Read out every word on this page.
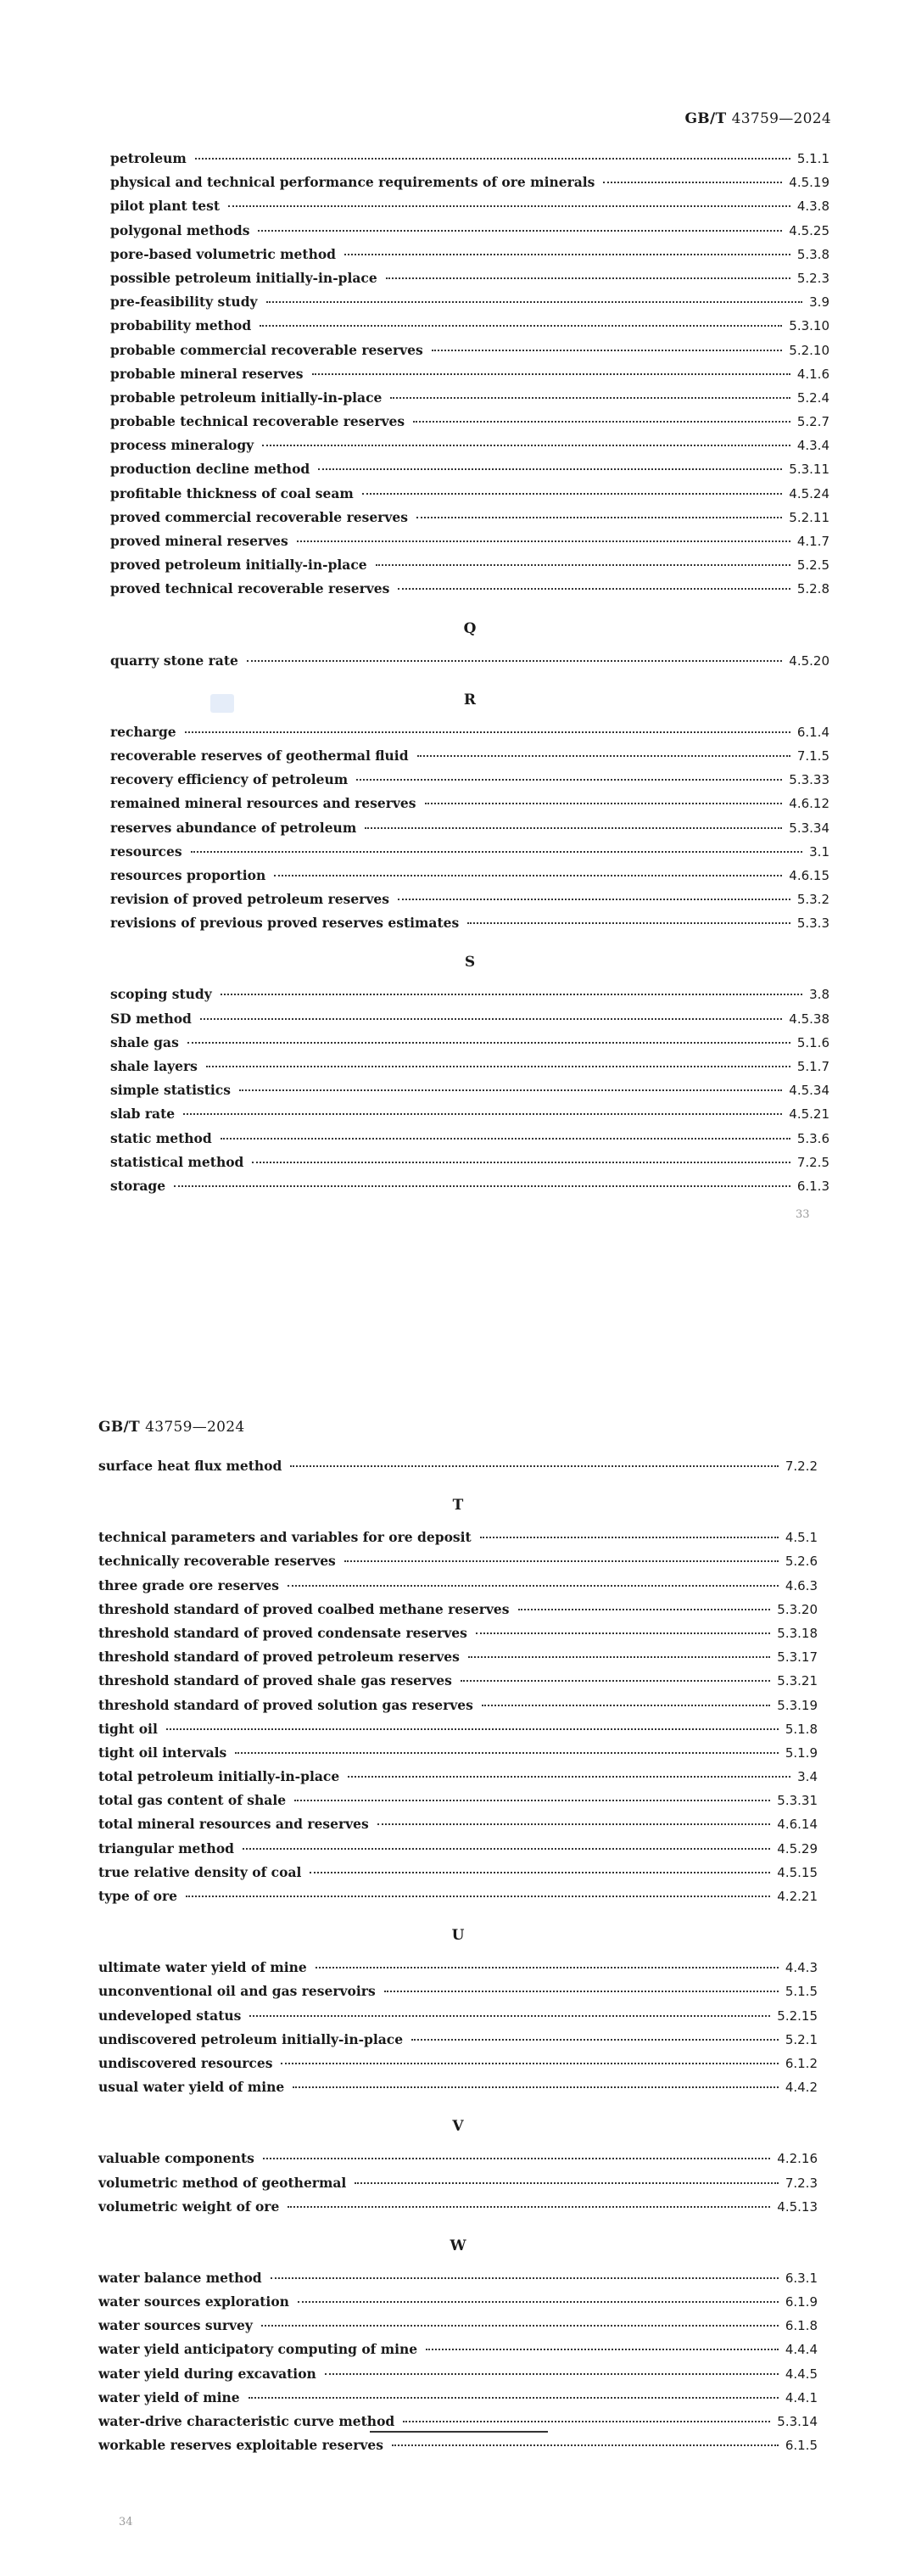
GB/T 43759—2024
petroleum	5.1.1
physical and technical performance requirements of ore minerals	4.5.19
pilot plant test	4.3.8
polygonal methods	4.5.25
pore-based volumetric method	5.3.8
possible petroleum initially-in-place	5.2.3
pre-feasibility study	3.9
probability method	5.3.10
probable commercial recoverable reserves	5.2.10
probable mineral reserves	4.1.6
probable petroleum initially-in-place	5.2.4
probable technical recoverable reserves	5.2.7
process mineralogy	4.3.4
production decline method	5.3.11
profitable thickness of coal seam	4.5.24
proved commercial recoverable reserves	5.2.11
proved mineral reserves	4.1.7
proved petroleum initially-in-place	5.2.5
proved technical recoverable reserves	5.2.8
Q
quarry stone rate	4.5.20
R
recharge	6.1.4
recoverable reserves of geothermal fluid	7.1.5
recovery efficiency of petroleum	5.3.33
remained mineral resources and reserves	4.6.12
reserves abundance of petroleum	5.3.34
resources	3.1
resources proportion	4.6.15
revision of proved petroleum reserves	5.3.2
revisions of previous proved reserves estimates	5.3.3
S
scoping study	3.8
SD method	4.5.38
shale gas	5.1.6
shale layers	5.1.7
simple statistics	4.5.34
slab rate	4.5.21
static method	5.3.6
statistical method	7.2.5
storage	6.1.3
33
GB/T 43759—2024
surface heat flux method	7.2.2
T
technical parameters and variables for ore deposit	4.5.1
technically recoverable reserves	5.2.6
three grade ore reserves	4.6.3
threshold standard of proved coalbed methane reserves	5.3.20
threshold standard of proved condensate reserves	5.3.18
threshold standard of proved petroleum reserves	5.3.17
threshold standard of proved shale gas reserves	5.3.21
threshold standard of proved solution gas reserves	5.3.19
tight oil	5.1.8
tight oil intervals	5.1.9
total petroleum initially-in-place	3.4
total gas content of shale	5.3.31
total mineral resources and reserves	4.6.14
triangular method	4.5.29
true relative density of coal	4.5.15
type of ore	4.2.21
U
ultimate water yield of mine	4.4.3
unconventional oil and gas reservoirs	5.1.5
undeveloped status	5.2.15
undiscovered petroleum initially-in-place	5.2.1
undiscovered resources	6.1.2
usual water yield of mine	4.4.2
V
valuable components	4.2.16
volumetric method of geothermal	7.2.3
volumetric weight of ore	4.5.13
W
water balance method	6.3.1
water sources exploration	6.1.9
water sources survey	6.1.8
water yield anticipatory computing of mine	4.4.4
water yield during excavation	4.4.5
water yield of mine	4.4.1
water-drive characteristic curve method	5.3.14
workable reserves exploitable reserves	6.1.5
34
